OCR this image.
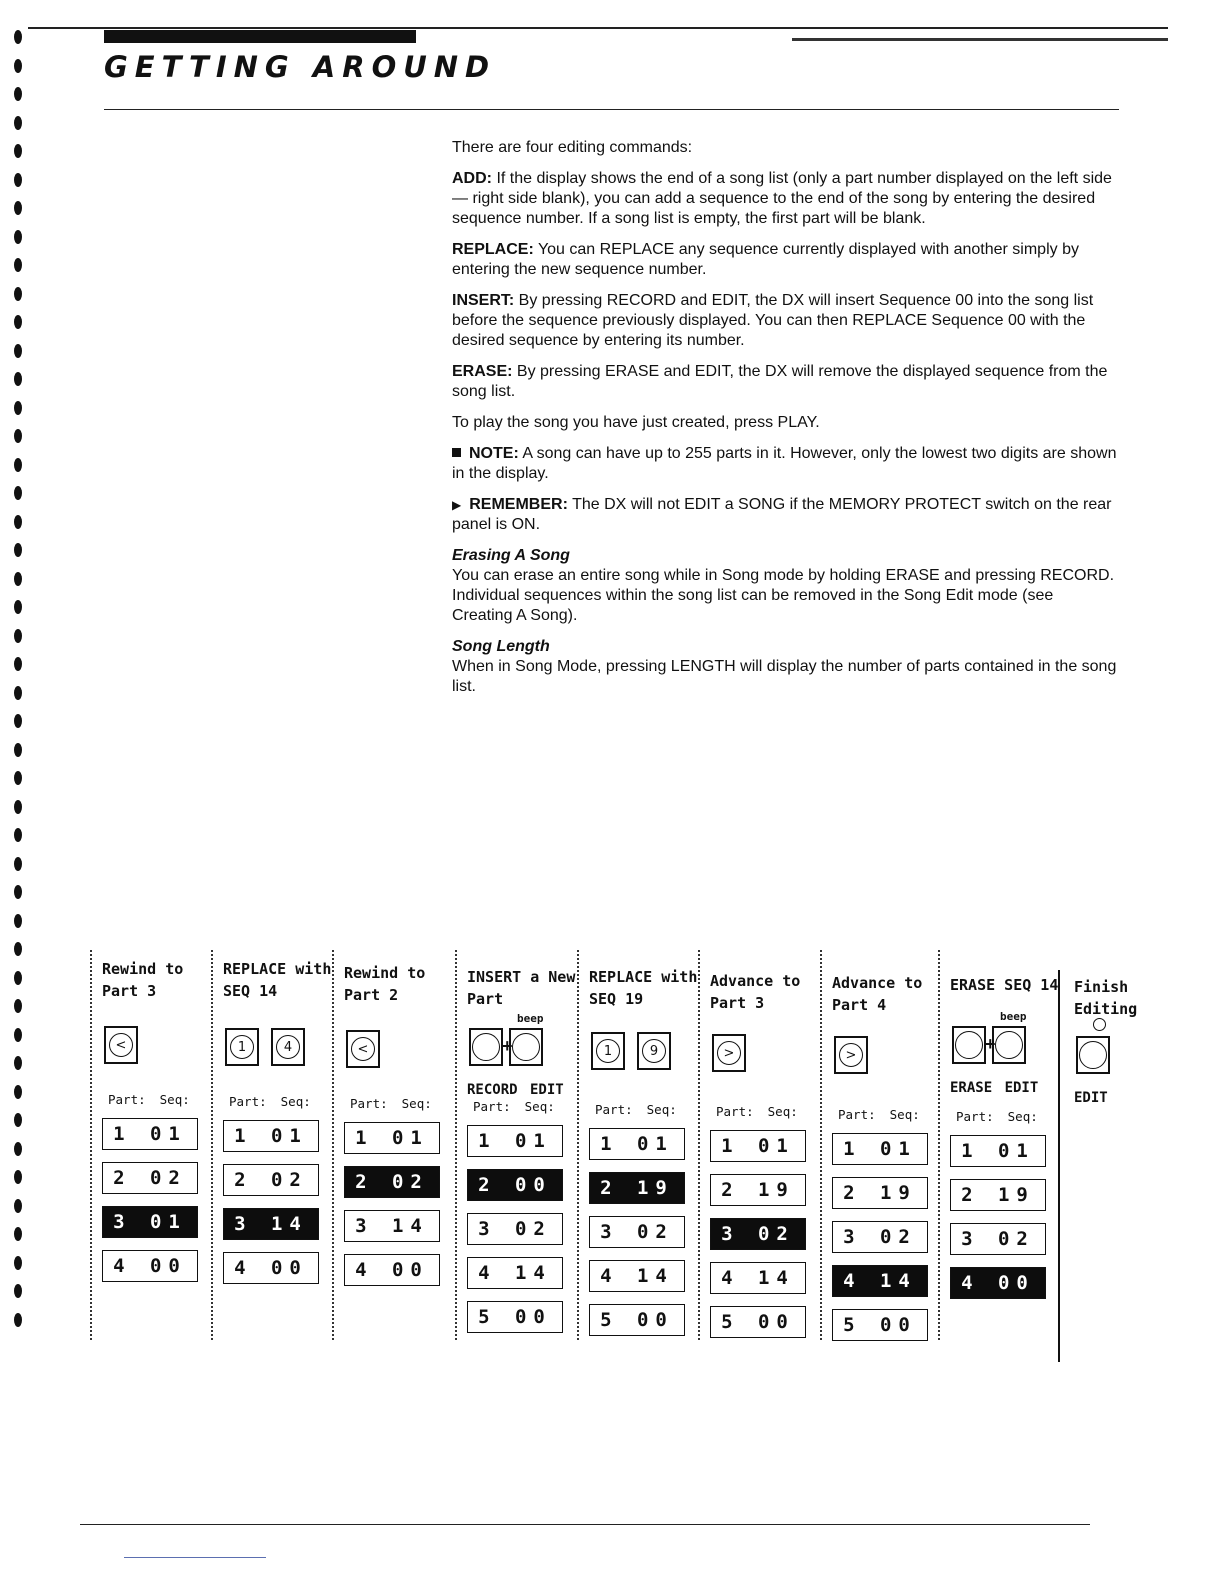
GETTING AROUND

There are four editing commands:

ADD: If the display shows the end of a song list (only a part number displayed on the left side — right side blank), you can add a sequence to the end of the song by entering the desired sequence number. If a song list is empty, the first part will be blank.

REPLACE: You can REPLACE any sequence currently displayed with another simply by entering the new sequence number.

INSERT: By pressing RECORD and EDIT, the DX will insert Sequence 00 into the song list before the sequence previously displayed. You can then REPLACE Sequence 00 with the desired sequence by entering its number.

ERASE: By pressing ERASE and EDIT, the DX will remove the displayed sequence from the song list.

To play the song you have just created, press PLAY.

NOTE: A song can have up to 255 parts in it. However, only the lowest two digits are shown in the display.

▶ REMEMBER: The DX will not EDIT a SONG if the MEMORY PROTECT switch on the rear panel is ON.

Erasing A Song

You can erase an entire song while in Song mode by holding ERASE and pressing RECORD. Individual sequences within the song list can be removed in the Song Edit mode (see Creating A Song).

Song Length

When in Song Mode, pressing LENGTH will display the number of parts contained in the song list.

Rewind to Part 3
<
Part: Seq:
1 01
2 02
3 01
4 00
REPLACE with SEQ 14
1	4
Part: Seq:
1 01
2 02
3 14
4 00
Rewind to Part 2
<
Part: Seq:
1 01
2 02
3 14
4 00
INSERT a New Part
+
beep
RECORD EDIT
Part: Seq:
1 01
2 00
3 02
4 14
5 00
REPLACE with SEQ 19
1	9
Part: Seq:
1 01
2 19
3 02
4 14
5 00
Advance to Part 3
>
Part: Seq:
1 01
2 19
3 02
4 14
5 00
Advance to Part 4
>
Part: Seq:
1 01
2 19
3 02
4 14
5 00
ERASE SEQ 14
+
beep
ERASE EDIT
Part: Seq:
1 01
2 19
3 02
4 00
Finish Editing
EDIT
